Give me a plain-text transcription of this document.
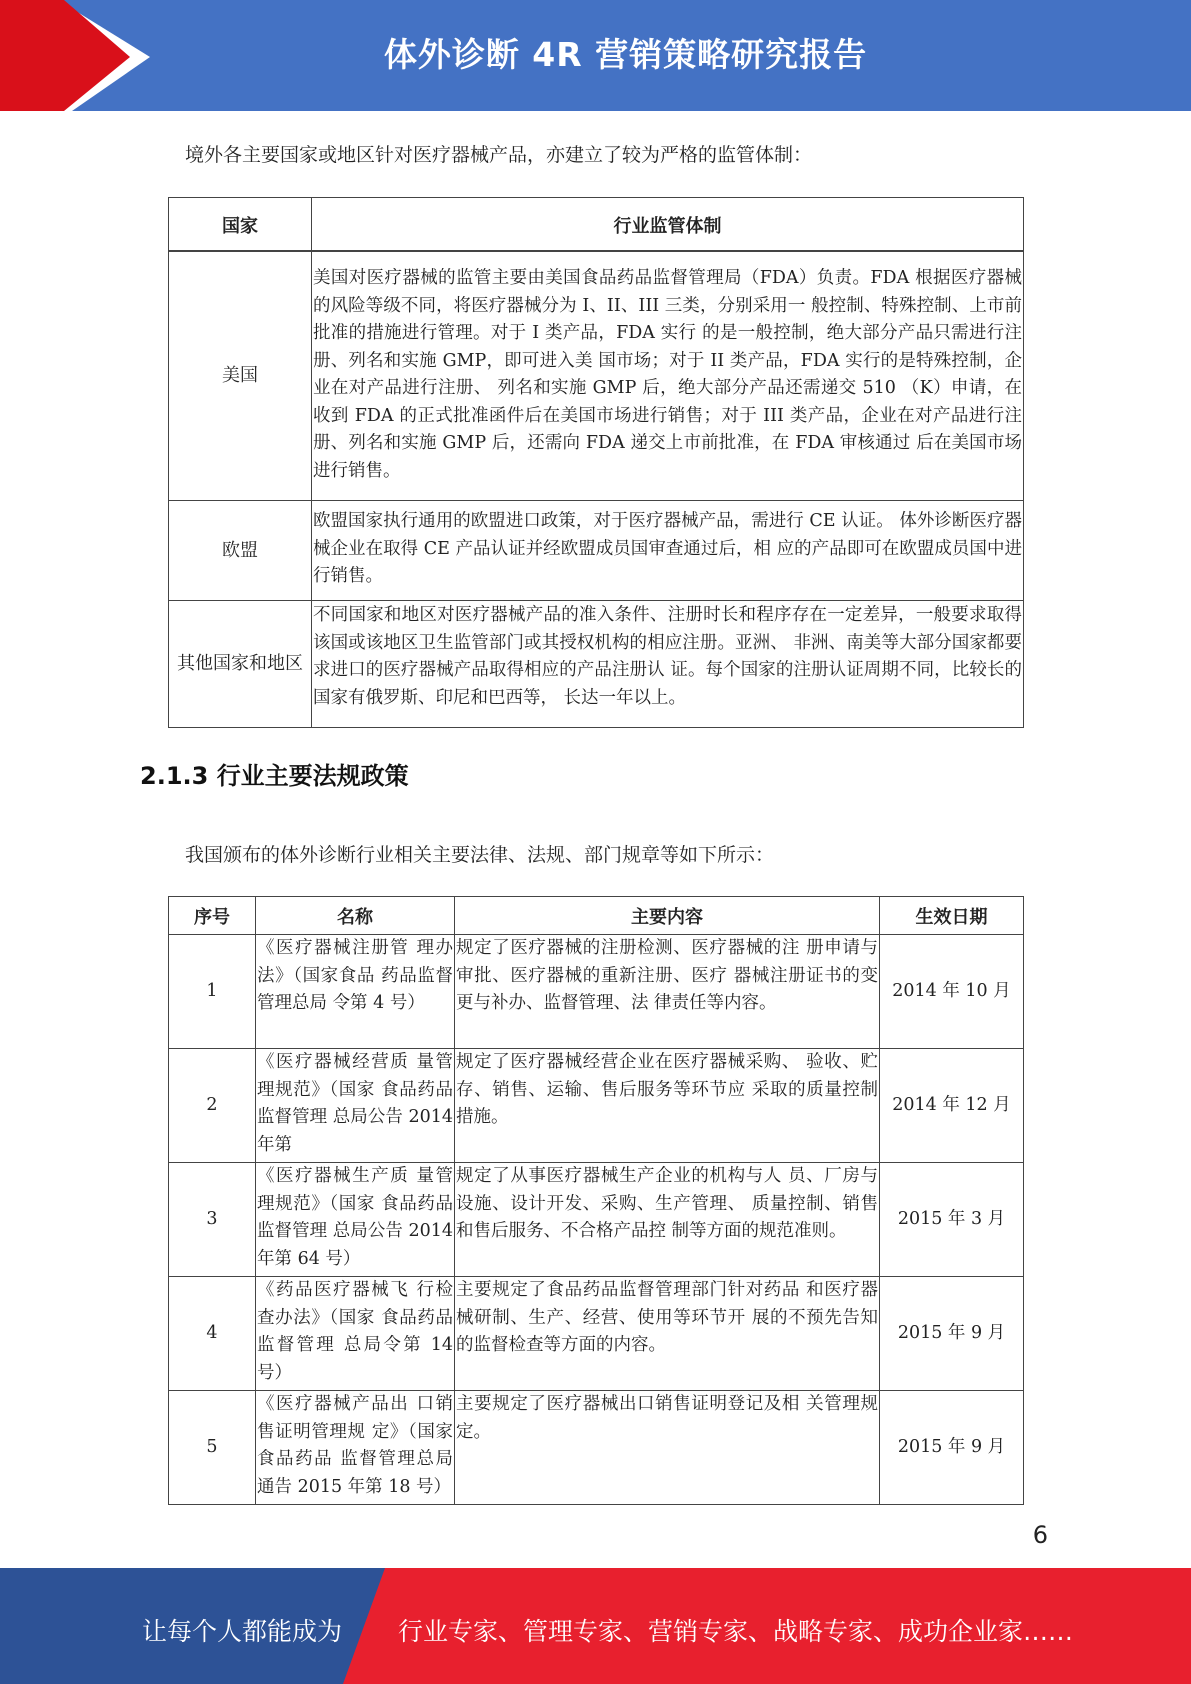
体外诊断 4R 营销策略研究报告
境外各主要国家或地区针对医疗器械产品，亦建立了较为严格的监管体制：
国家	行业监管体制
美国	美国对医疗器械的监管主要由美国食品药品监督管理局（FDA）负责。FDA 根据医疗器械的风险等级不同，将医疗器械分为 I、II、III 三类，分别采用一 般控制、特殊控制、上市前批准的措施进行管理。对于 I 类产品，FDA 实行 的是一般控制，绝大部分产品只需进行注册、列名和实施 GMP，即可进入美 国市场；对于 II 类产品，FDA 实行的是特殊控制，企业在对产品进行注册、 列名和实施 GMP 后，绝大部分产品还需递交 510 （K）申请，在收到 FDA 的正式批准函件后在美国市场进行销售；对于 III 类产品，企业在对产品进行注 册、列名和实施 GMP 后，还需向 FDA 递交上市前批准，在 FDA 审核通过 后在美国市场进行销售。

欧盟	欧盟国家执行通用的欧盟进口政策，对于医疗器械产品，需进行 CE 认证。 体外诊断医疗器械企业在取得 CE 产品认证并经欧盟成员国审查通过后，相 应的产品即可在欧盟成员国中进行销售。

其他国家和地区	不同国家和地区对医疗器械产品的准入条件、注册时长和程序存在一定差异，一般要求取得该国或该地区卫生监管部门或其授权机构的相应注册。亚洲、 非洲、南美等大部分国家都要求进口的医疗器械产品取得相应的产品注册认 证。每个国家的注册认证周期不同，比较长的国家有俄罗斯、印尼和巴西等， 长达一年以上。
2.1.3 行业主要法规政策
我国颁布的体外诊断行业相关主要法律、法规、部门规章等如下所示：
序号	名称	主要内容	生效日期
1	《医疗器械注册管 理办法》（国家食品 药品监督管理总局 令第 4 号）	规定了医疗器械的注册检测、医疗器械的注 册申请与审批、医疗器械的重新注册、医疗 器械注册证书的变更与补办、监督管理、法 律责任等内容。	2014 年 10 月
2	《医疗器械经营质 量管理规范》（国家 食品药品监督管理 总局公告 2014 年第	规定了医疗器械经营企业在医疗器械采购、 验收、贮存、销售、运输、售后服务等环节应 采取的质量控制措施。	2014 年 12 月
3	《医疗器械生产质 量管理规范》（国家 食品药品监督管理 总局公告 2014 年第 64 号）	规定了从事医疗器械生产企业的机构与人 员、厂房与设施、设计开发、采购、生产管理、 质量控制、销售和售后服务、不合格产品控 制等方面的规范准则。	2015 年 3 月
4	《药品医疗器械飞 行检查办法》（国家 食品药品监督管理 总局令第 14 号）	主要规定了食品药品监督管理部门针对药品 和医疗器械研制、生产、经营、使用等环节开 展的不预先告知的监督检查等方面的内容。	2015 年 9 月
5	《医疗器械产品出 口销售证明管理规 定》（国家食品药品 监督管理总局通告 2015 年第 18 号）	主要规定了医疗器械出口销售证明登记及相 关管理规定。	2015 年 9 月
6
让每个人都能成为 行业专家、管理专家、营销专家、战略专家、成功企业家……
